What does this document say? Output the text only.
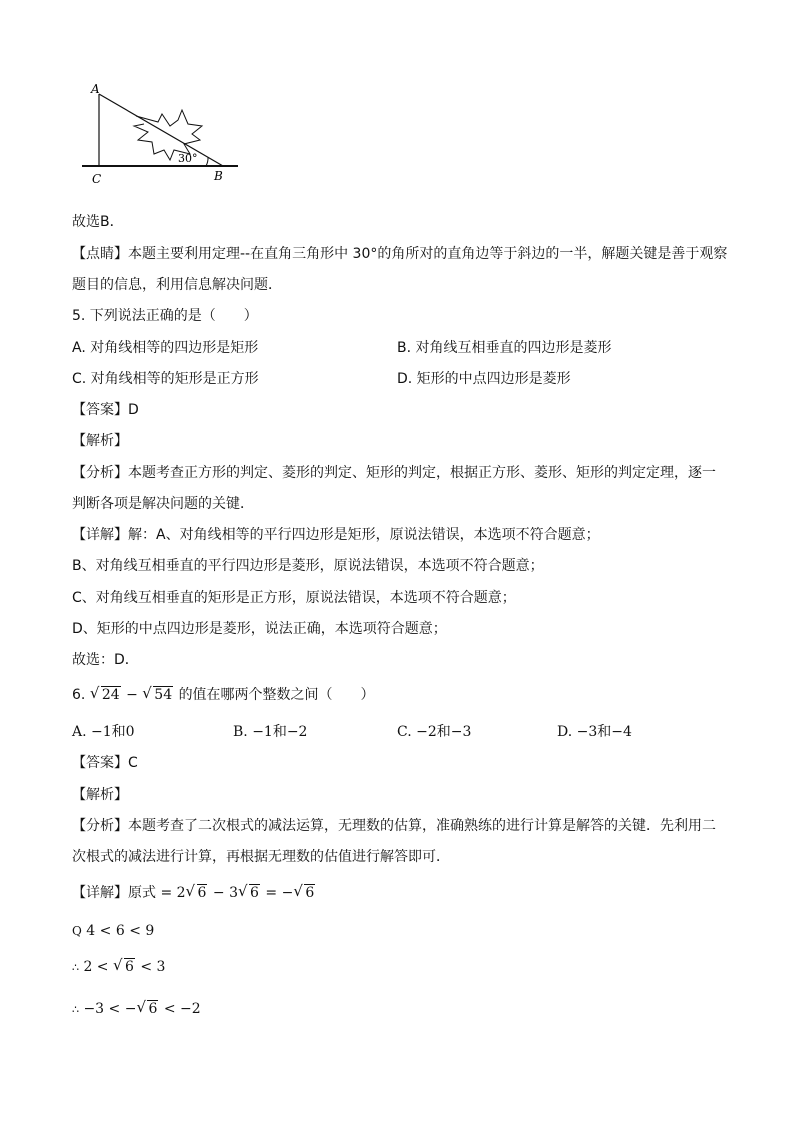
A
C	B
30°
故选B．
【点睛】本题主要利用定理--在直角三角形中 30°的角所对的直角边等于斜边的一半，解题关键是善于观察
题目的信息，利用信息解决问题．
5. 下列说法正确的是（　　）
A. 对角线相等的四边形是矩形	B. 对角线互相垂直的四边形是菱形
C. 对角线相等的矩形是正方形	D. 矩形的中点四边形是菱形
【答案】D
【解析】
【分析】本题考查正方形的判定、菱形的判定、矩形的判定，根据正方形、菱形、矩形的判定定理，逐一
判断各项是解决问题的关键．
【详解】解：A、对角线相等的平行四边形是矩形，原说法错误，本选项不符合题意；
B、对角线互相垂直的平行四边形是菱形，原说法错误，本选项不符合题意；
C、对角线互相垂直的矩形是正方形，原说法错误，本选项不符合题意；
D、矩形的中点四边形是菱形，说法正确，本选项符合题意；
故选：D．
6. √ 24 − √ 54 的值在哪两个整数之间（　　）
A. −1和0	B. −1和−2	C. −2和−3	D. −3和−4
【答案】C
【解析】
【分析】本题考查了二次根式的减法运算，无理数的估算，准确熟练的进行计算是解答的关键．先利用二
次根式的减法进行计算，再根据无理数的估值进行解答即可．
【详解】原式 = 2 √ 6 − 3 √ 6 = − √ 6
Q 4 < 6 < 9
∴ 2 < √ 6 < 3
∴ −3 < − √ 6 < −2
